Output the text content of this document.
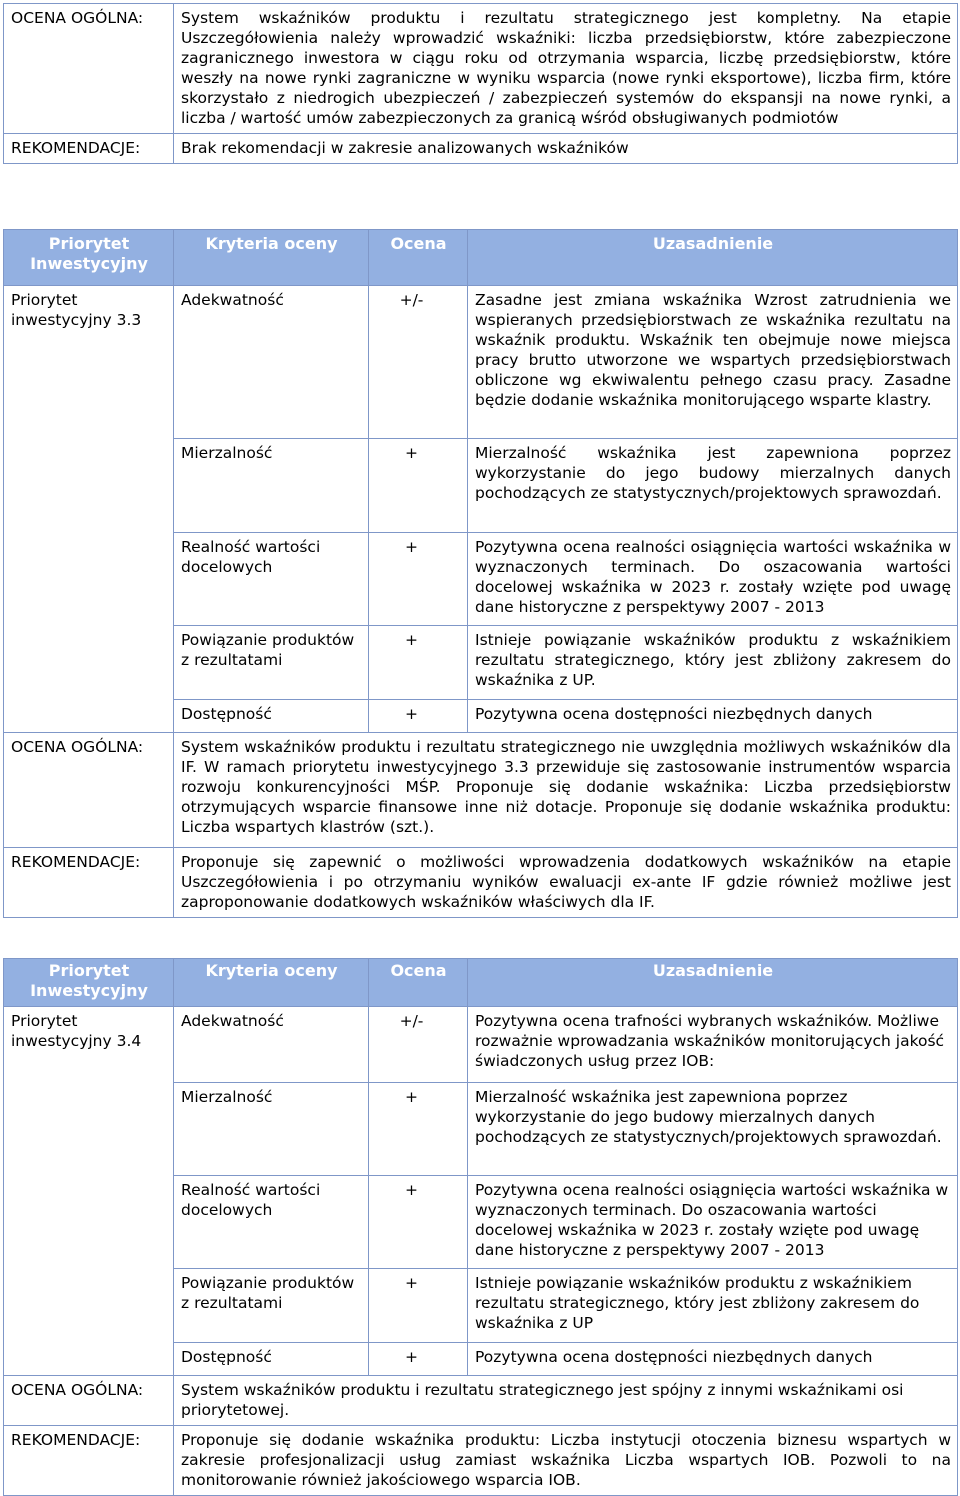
OCENA OGÓLNA:	System wskaźników produktu i rezultatu strategicznego jest kompletny. Na etapie Uszczegółowienia należy wprowadzić wskaźniki: liczba przedsiębiorstw, które zabezpieczone zagranicznego inwestora w ciągu roku od otrzymania wsparcia, liczbę przedsiębiorstw, które weszły na nowe rynki zagraniczne w wyniku wsparcia (nowe rynki eksportowe), liczba firm, które skorzystało z niedrogich ubezpieczeń / zabezpieczeń systemów do ekspansji na nowe rynki, a liczba / wartość umów zabezpieczonych za granicą wśród obsługiwanych podmiotów
REKOMENDACJE:	Brak rekomendacji w zakresie analizowanych wskaźników
Priorytet Inwestycyjny	Kryteria oceny	Ocena	Uzasadnienie
Priorytet inwestycyjny 3.3	Adekwatność	+/-	Zasadne jest zmiana wskaźnika Wzrost zatrudnienia we wspieranych przedsiębiorstwach ze wskaźnika rezultatu na wskaźnik produktu. Wskaźnik ten obejmuje nowe miejsca pracy brutto utworzone we wspartych przedsiębiorstwach obliczone wg ekwiwalentu pełnego czasu pracy. Zasadne będzie dodanie wskaźnika monitorującego wsparte klastry.
	Mierzalność	+	Mierzalność wskaźnika jest zapewniona poprzez wykorzystanie do jego budowy mierzalnych danych pochodzących ze statystycznych/projektowych sprawozdań.
	Realność wartości docelowych	+	Pozytywna ocena realności osiągnięcia wartości wskaźnika w wyznaczonych terminach. Do oszacowania wartości docelowej wskaźnika w 2023 r. zostały wzięte pod uwagę dane historyczne z perspektywy 2007 - 2013
	Powiązanie produktów z rezultatami	+	Istnieje powiązanie wskaźników produktu z wskaźnikiem rezultatu strategicznego, który jest zbliżony zakresem do wskaźnika z UP.
	Dostępność	+	Pozytywna ocena dostępności niezbędnych danych
OCENA OGÓLNA:	System wskaźników produktu i rezultatu strategicznego nie uwzględnia możliwych wskaźników dla IF. W ramach priorytetu inwestycyjnego 3.3 przewiduje się zastosowanie instrumentów wsparcia rozwoju konkurencyjności MŚP. Proponuje się dodanie wskaźnika: Liczba przedsiębiorstw otrzymujących wsparcie finansowe inne niż dotacje. Proponuje się dodanie wskaźnika produktu: Liczba wspartych klastrów (szt.).		
REKOMENDACJE:	Proponuje się zapewnić o możliwości wprowadzenia dodatkowych wskaźników na etapie Uszczegółowienia i po otrzymaniu wyników ewaluacji ex-ante IF gdzie również możliwe jest zaproponowanie dodatkowych wskaźników właściwych dla IF.		
Priorytet Inwestycyjny	Kryteria oceny	Ocena	Uzasadnienie
Priorytet inwestycyjny 3.4	Adekwatność	+/-	Pozytywna ocena trafności wybranych wskaźników. Możliwe rozważnie wprowadzania wskaźników monitorujących jakość świadczonych usług przez IOB:
	Mierzalność	+	Mierzalność wskaźnika jest zapewniona poprzez wykorzystanie do jego budowy mierzalnych danych pochodzących ze statystycznych/projektowych sprawozdań.
	Realność wartości docelowych	+	Pozytywna ocena realności osiągnięcia wartości wskaźnika w wyznaczonych terminach. Do oszacowania wartości docelowej wskaźnika w 2023 r. zostały wzięte pod uwagę dane historyczne z perspektywy 2007 - 2013
	Powiązanie produktów z rezultatami	+	Istnieje powiązanie wskaźników produktu z wskaźnikiem rezultatu strategicznego, który jest zbliżony zakresem do wskaźnika z UP
	Dostępność	+	Pozytywna ocena dostępności niezbędnych danych
OCENA OGÓLNA:	System wskaźników produktu i rezultatu strategicznego jest spójny z innymi wskaźnikami osi priorytetowej.		
REKOMENDACJE:	Proponuje się dodanie wskaźnika produktu: Liczba instytucji otoczenia biznesu wspartych w zakresie profesjonalizacji usług zamiast wskaźnika Liczba wspartych IOB. Pozwoli to na monitorowanie również jakościowego wsparcia IOB.		
